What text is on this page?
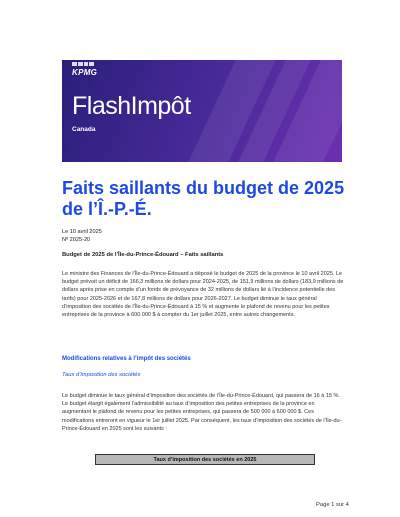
KPMG
FlashImpôt
Canada
Faits saillants du budget de 2025 de l’Î.-P.-É.
Le 10 avril 2025
Nº 2025-20
Budget de 2025 de l’Île-du-Prince-Édouard – Faits saillants

Le ministre des Finances de l’Île-du-Prince-Édouard a déposé le budget de 2025 de la province le 10 avril 2025. Le budget prévoit un déficit de 166,3 millions de dollars pour 2024-2025, de 151,9 millions de dollars (183,9 millions de dollars après prise en compte d’un fonds de prévoyance de 32 millions de dollars lié à l’incidence potentielle des tarifs) pour 2025-2026 et de 167,8 millions de dollars pour 2026-2027. Le budget diminue le taux général d’imposition des sociétés de l’Île-du-Prince-Édouard à 15 % et augmente le plafond de revenu pour les petites entreprises de la province à 600 000 $ à compter du 1er juillet 2025, entre autres changements.

Modifications relatives à l’impôt des sociétés
Taux d’imposition des sociétés

Le budget diminue le taux général d’imposition des sociétés de l’Île-du-Prince-Édouard, qui passera de 16 à 15 %. Le budget élargit également l’admissibilité au taux d’imposition des petites entreprises de la province en augmentant le plafond de revenu pour les petites entreprises, qui passera de 500 000 à 600 000 $. Ces modifications entreront en vigueur le 1er juillet 2025. Par conséquent, les taux d’imposition des sociétés de l’Île-du-Prince-Édouard en 2025 sont les suivants :

Taux d’imposition des sociétés en 2025
Page 1 sur 4
